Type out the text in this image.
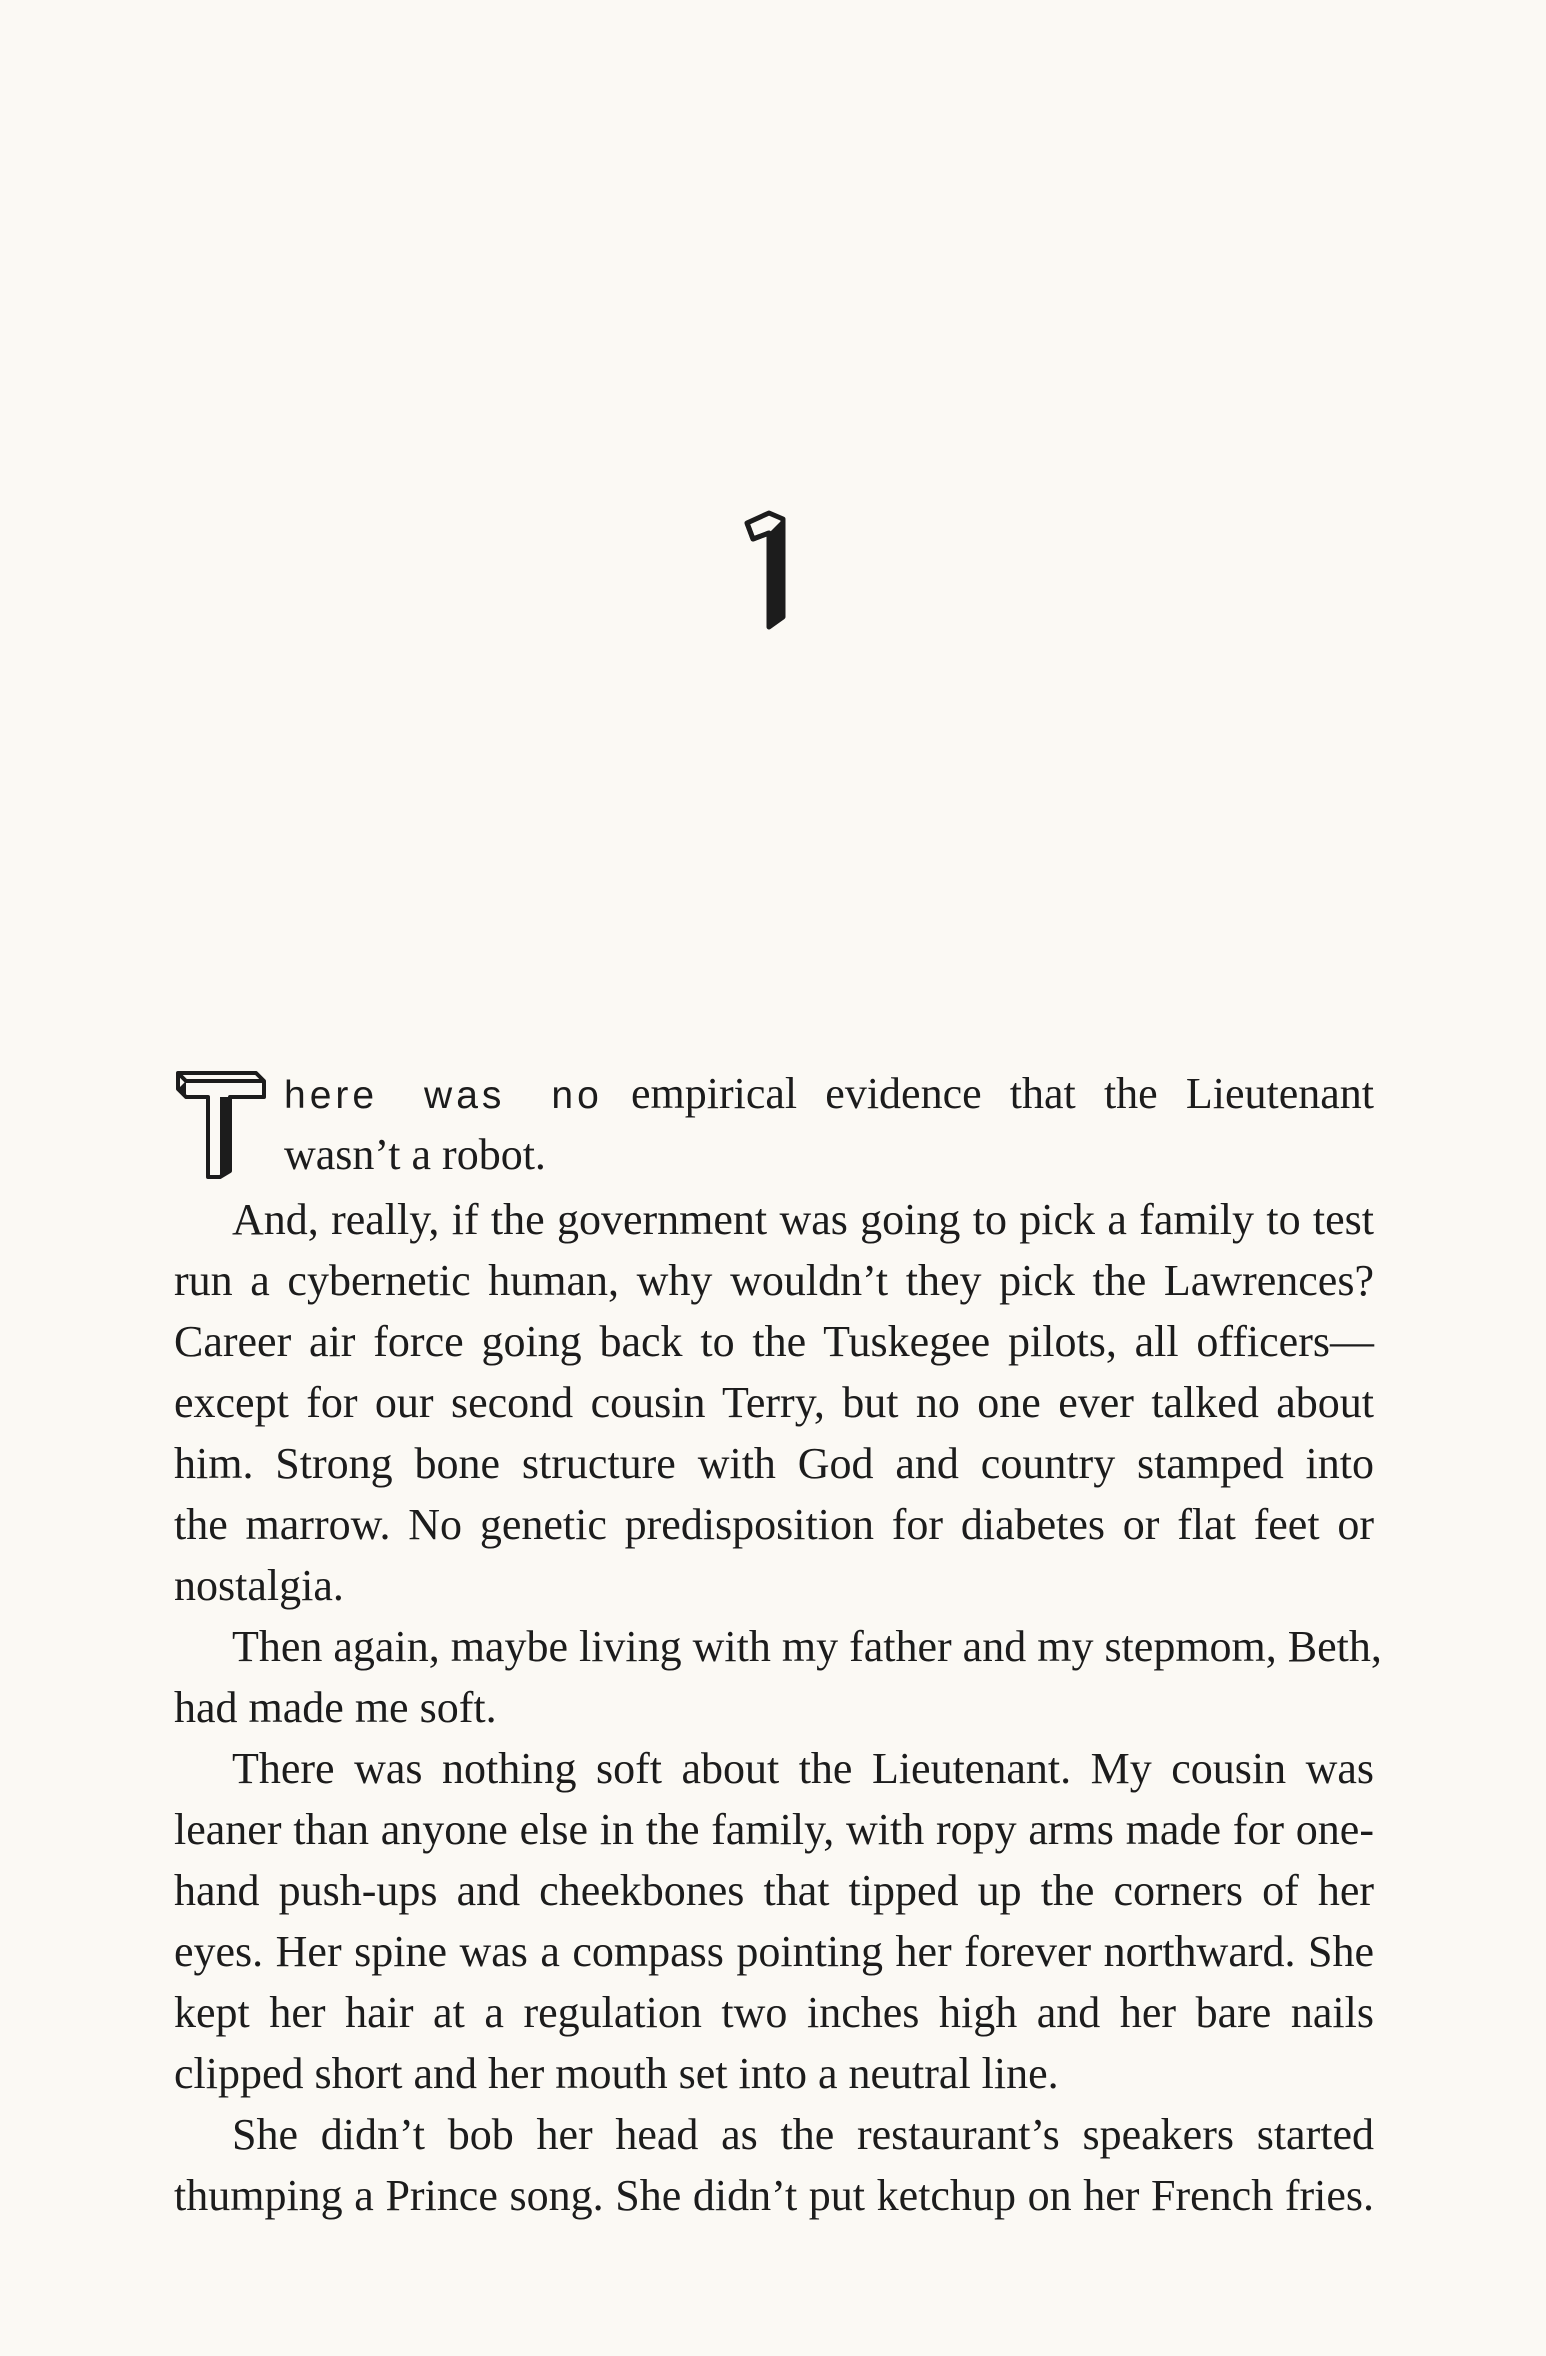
here was no empirical evidence that the Lieutenant
wasn’t a robot.
And, really, if the government was going to pick a family to test
run a cybernetic human, why wouldn’t they pick the Lawrences?
Career air force going back to the Tuskegee pilots, all officers—
except for our second cousin Terry, but no one ever talked about
him. Strong bone structure with God and country stamped into
the marrow. No genetic predisposition for diabetes or flat feet or
nostalgia.
Then again, maybe living with my father and my stepmom, Beth,
had made me soft.
There was nothing soft about the Lieutenant. My cousin was
leaner than anyone else in the family, with ropy arms made for one-
hand push-ups and cheekbones that tipped up the corners of her
eyes. Her spine was a compass pointing her forever northward. She
kept her hair at a regulation two inches high and her bare nails
clipped short and her mouth set into a neutral line.
She didn’t bob her head as the restaurant’s speakers started
thumping a Prince song. She didn’t put ketchup on her French fries.
